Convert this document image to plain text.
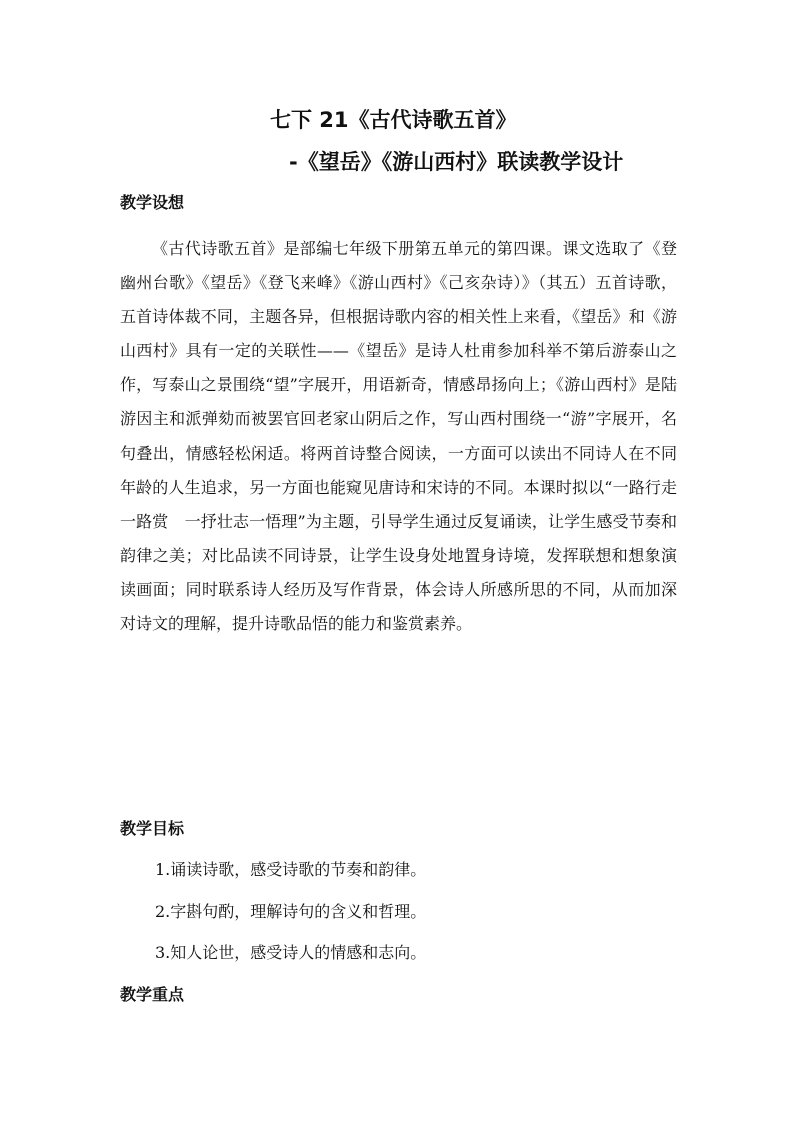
七下 21《古代诗歌五首》
-《望岳》《游山西村》联读教学设计
教学设想

《古代诗歌五首》是部编七年级下册第五单元的第四课。课文选取了《登幽州台歌》《望岳》《登飞来峰》《游山西村》《己亥杂诗）》（其五）五首诗歌，五首诗体裁不同，主题各异，但根据诗歌内容的相关性上来看，《望岳》和《游山西村》具有一定的关联性——《望岳》是诗人杜甫参加科举不第后游泰山之作，写泰山之景围绕“望”字展开，用语新奇，情感昂扬向上；《游山西村》是陆游因主和派弹劾而被罢官回老家山阴后之作，写山西村围绕一“游”字展开，名句叠出，情感轻松闲适。将两首诗整合阅读，一方面可以读出不同诗人在不同年龄的人生追求，另一方面也能窥见唐诗和宋诗的不同。本课时拟以“一路行走一路赏　一抒壮志一悟理”为主题，引导学生通过反复诵读，让学生感受节奏和韵律之美；对比品读不同诗景，让学生设身处地置身诗境，发挥联想和想象演读画面；同时联系诗人经历及写作背景，体会诗人所感所思的不同，从而加深对诗文的理解，提升诗歌品悟的能力和鉴赏素养。

教学目标
1.诵读诗歌，感受诗歌的节奏和韵律。
2.字斟句酌，理解诗句的含义和哲理。
3.知人论世，感受诗人的情感和志向。
教学重点
